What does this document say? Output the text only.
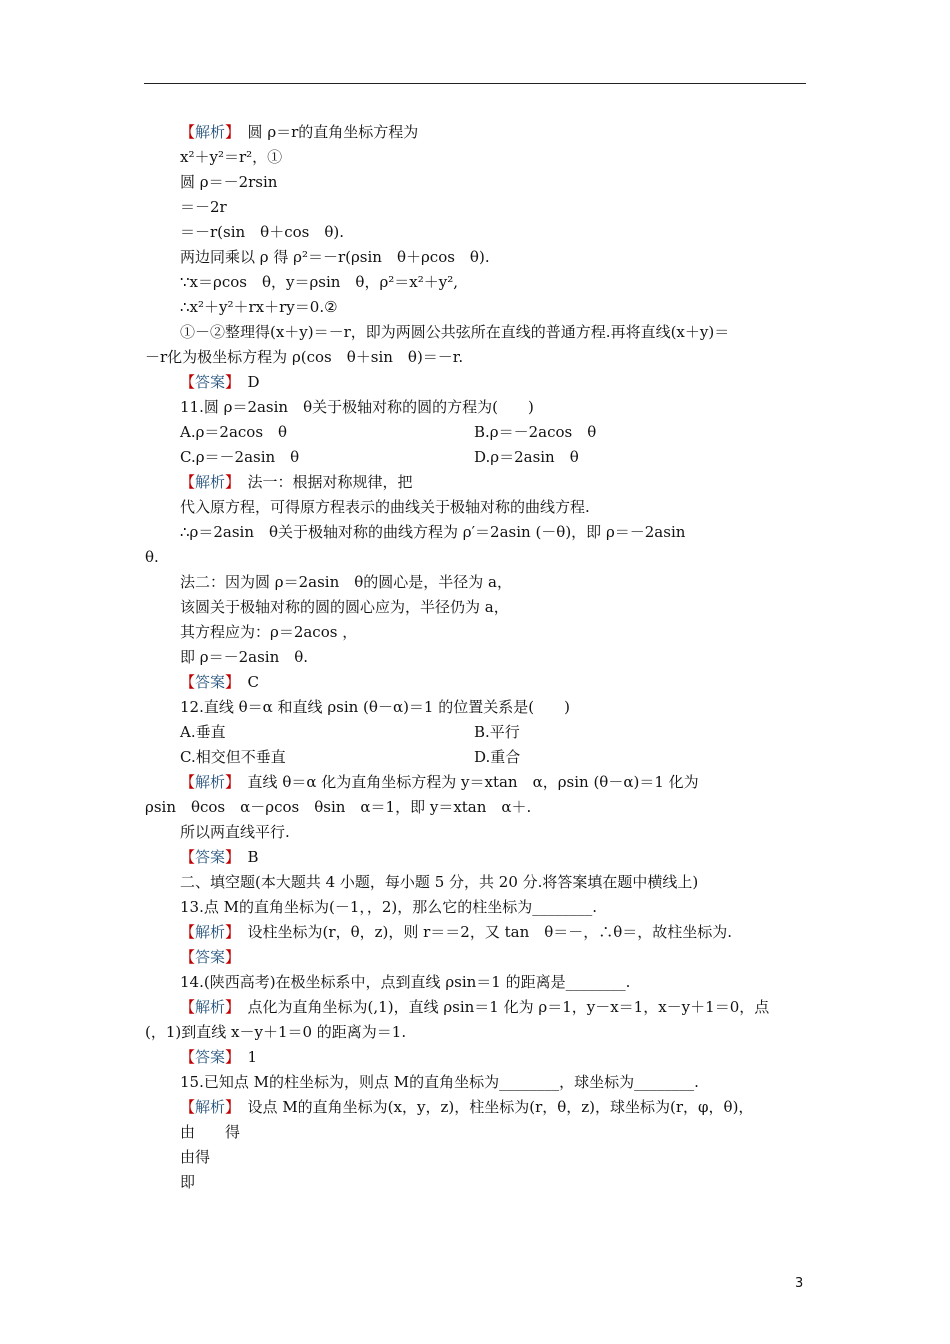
【解析】　圆 ρ＝r的直角坐标方程为
x²＋y²＝r²，①
圆 ρ＝－2rsin
＝－2r
＝－r(sin　θ＋cos　θ).
两边同乘以 ρ 得 ρ²＝－r(ρsin　θ＋ρcos　θ).
∵x＝ρcos　θ，y＝ρsin　θ，ρ²＝x²＋y²,
∴x²＋y²＋rx＋ry＝0.②
①－②整理得(x＋y)＝－r，即为两圆公共弦所在直线的普通方程.再将直线(x＋y)＝
－r化为极坐标方程为 ρ(cos　θ＋sin　θ)＝－r.
【答案】　D
11.圆 ρ＝2asin　θ关于极轴对称的圆的方程为(　　)
A.ρ＝2acos　θ	B.ρ＝－2acos　θ
C.ρ＝－2asin　θ	D.ρ＝2asin　θ
【解析】　法一：根据对称规律，把
代入原方程，可得原方程表示的曲线关于极轴对称的曲线方程.
∴ρ＝2asin　θ关于极轴对称的曲线方程为 ρ′＝2asin (－θ)，即 ρ＝－2asin
θ.
法二：因为圆 ρ＝2asin　θ的圆心是，半径为 a，
该圆关于极轴对称的圆的圆心应为，半径仍为 a，
其方程应为：ρ＝2acos ，
即 ρ＝－2asin　θ.
【答案】　C
12.直线 θ＝α 和直线 ρsin (θ－α)＝1 的位置关系是(　　)
A.垂直	B.平行
C.相交但不垂直	D.重合
【解析】　直线 θ＝α 化为直角坐标方程为 y＝xtan　α，ρsin (θ－α)＝1 化为
ρsin　θcos　α－ρcos　θsin　α＝1，即 y＝xtan　α＋.
所以两直线平行.
【答案】　B
二、填空题(本大题共 4 小题，每小题 5 分，共 20 分.将答案填在题中横线上)
13.点 M的直角坐标为(－1，，2)，那么它的柱坐标为________.
【解析】　设柱坐标为(r，θ，z)，则 r＝＝2，又 tan　θ＝－，∴θ＝，故柱坐标为.
【答案】
14.(陕西高考)在极坐标系中，点到直线 ρsin＝1 的距离是________.
【解析】　点化为直角坐标为(,1)，直线 ρsin＝1 化为 ρ＝1，y－x＝1，x－y＋1＝0，点
(，1)到直线 x－y＋1＝0 的距离为＝1.
【答案】　1
15.已知点 M的柱坐标为，则点 M的直角坐标为________，球坐标为________.
【解析】　设点 M的直角坐标为(x，y，z)，柱坐标为(r，θ，z)，球坐标为(r，φ，θ)，
由　　得
由得
即
3
